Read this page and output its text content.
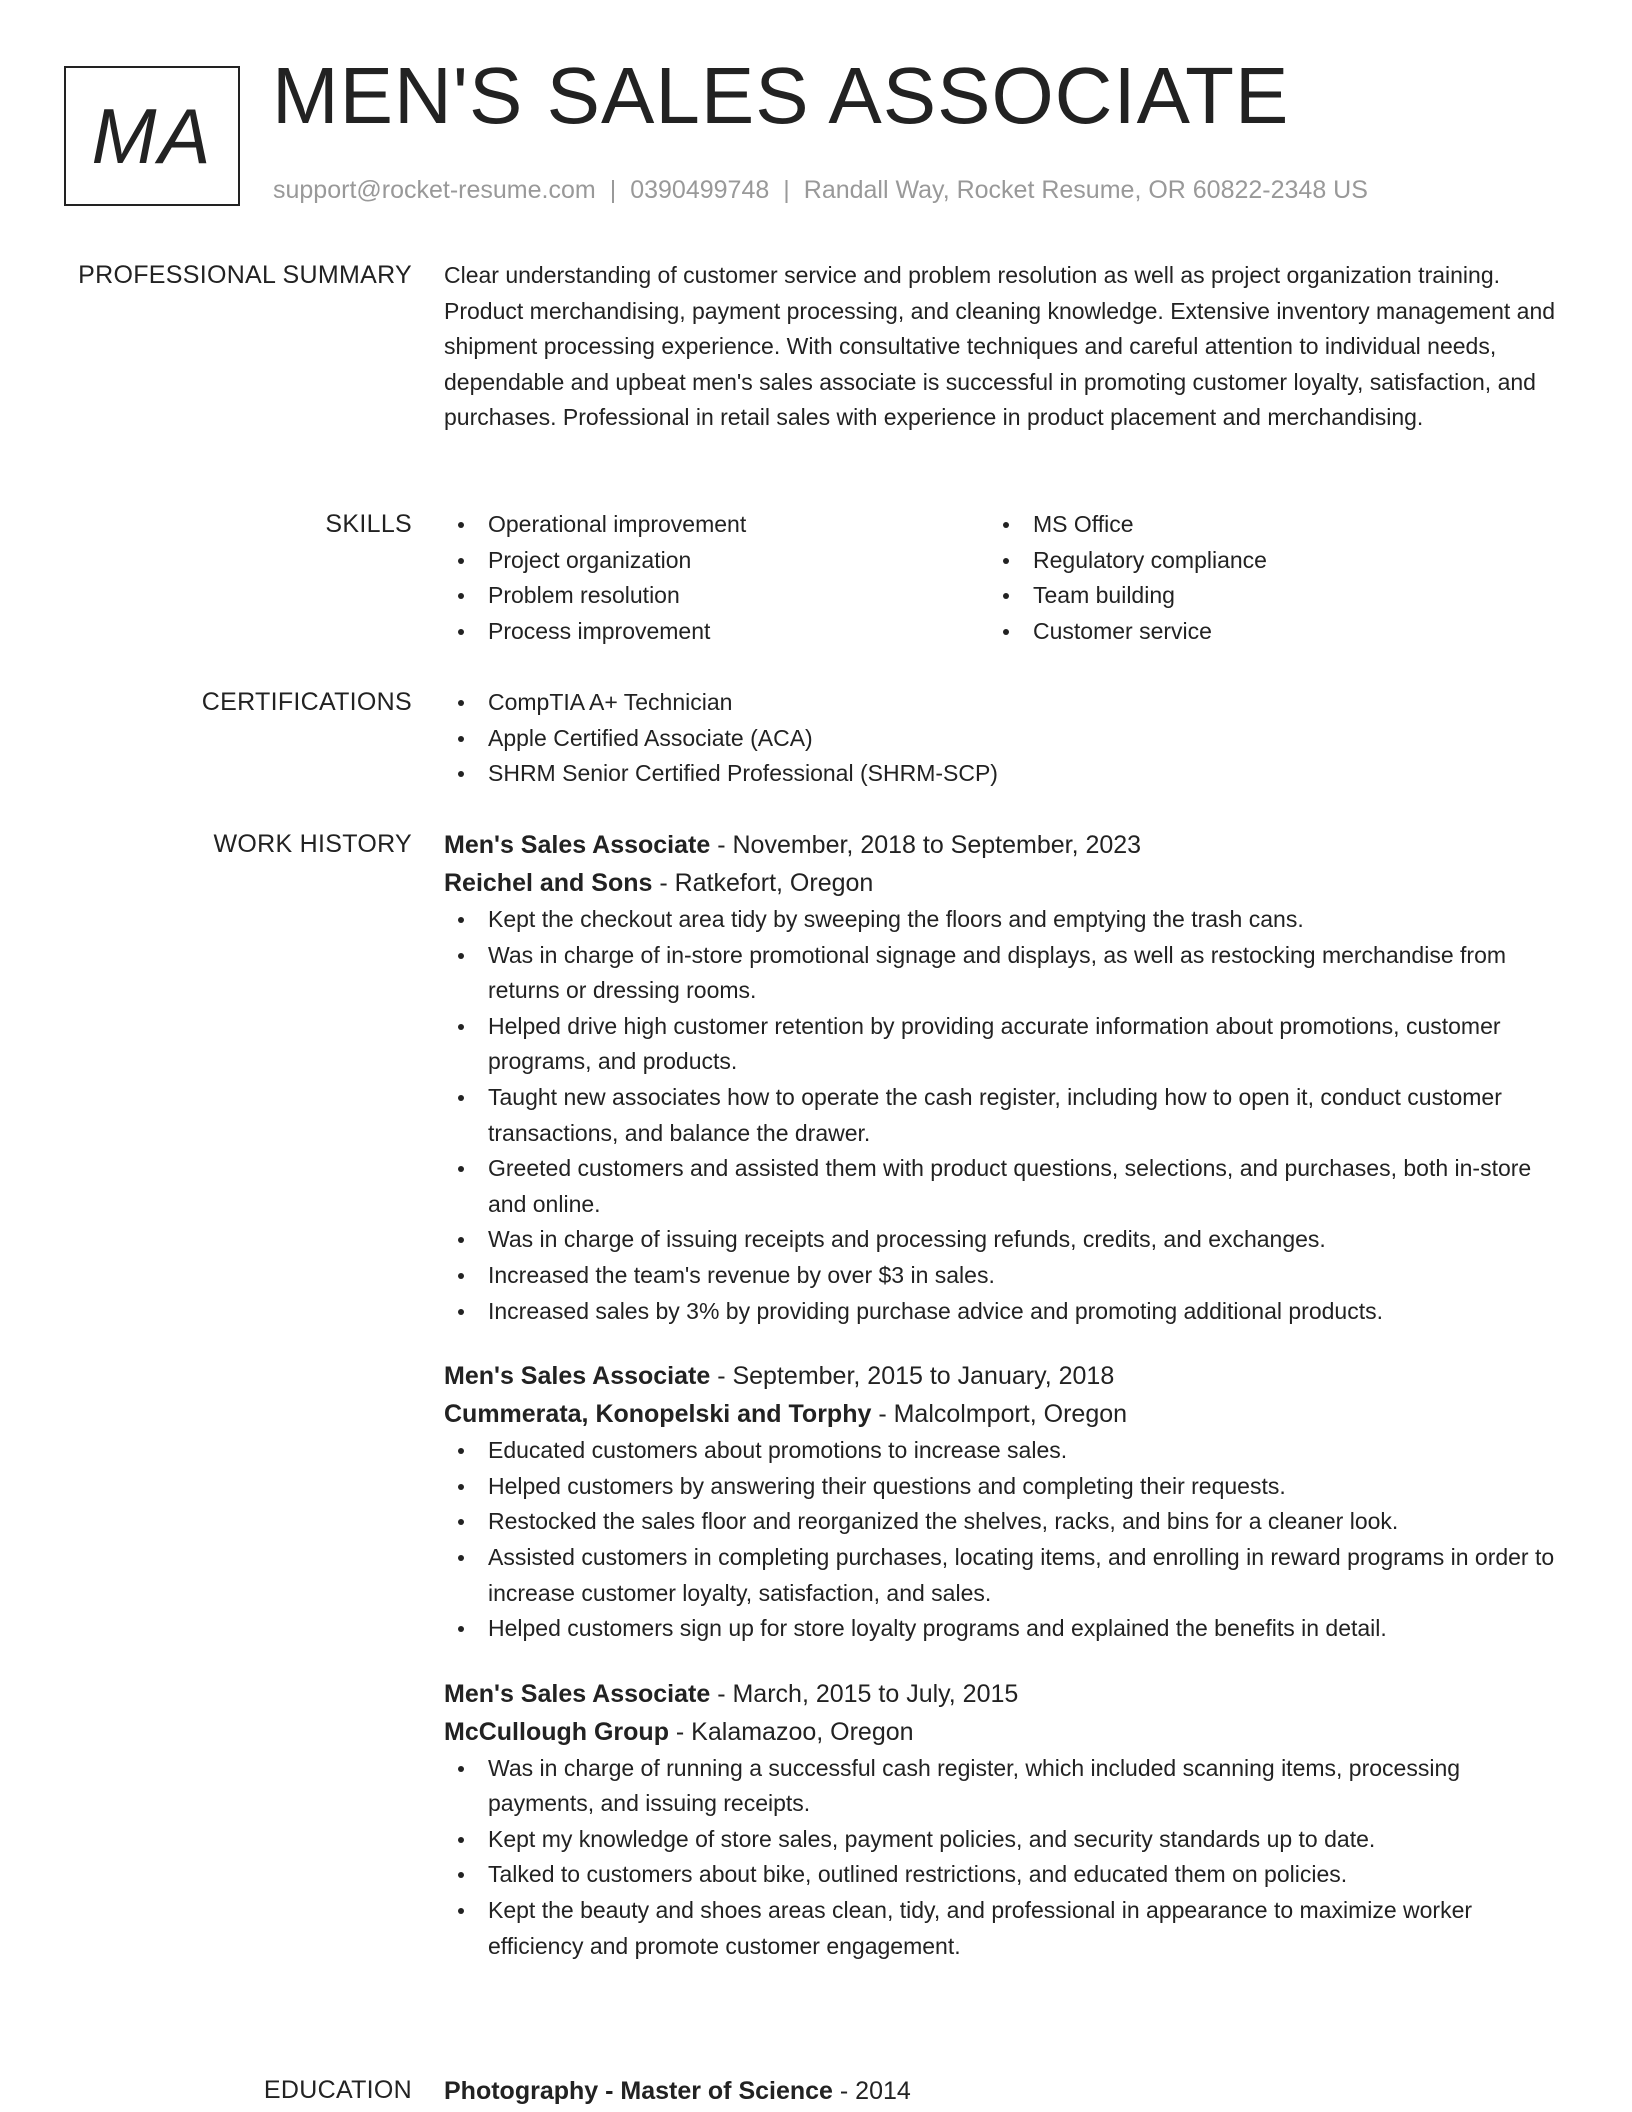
MA MEN'S SALES ASSOCIATE
support@rocket-resume.com | 0390499748 | Randall Way, Rocket Resume, OR 60822-2348 US
PROFESSIONAL SUMMARY Clear understanding of customer service and problem resolution as well as project organization training. Product merchandising, payment processing, and cleaning knowledge. Extensive inventory management and shipment processing experience. With consultative techniques and careful attention to individual needs, dependable and upbeat men's sales associate is successful in promoting customer loyalty, satisfaction, and purchases. Professional in retail sales with experience in product placement and merchandising.

SKILLS	Operational improvement
Project organization
Problem resolution
Process improvement
MS Office
Regulatory compliance
Team building
Customer service
CERTIFICATIONS	CompTIA A+ Technician
Apple Certified Associate (ACA)
SHRM Senior Certified Professional (SHRM-SCP)
WORK HISTORY Men's Sales Associate - November, 2018 to September, 2023
Reichel and Sons - Ratkefort, Oregon
Kept the checkout area tidy by sweeping the floors and emptying the trash cans.
Was in charge of in-store promotional signage and displays, as well as restocking merchandise from returns or dressing rooms.
Helped drive high customer retention by providing accurate information about promotions, customer programs, and products.
Taught new associates how to operate the cash register, including how to open it, conduct customer transactions, and balance the drawer.
Greeted customers and assisted them with product questions, selections, and purchases, both in-store and online.
Was in charge of issuing receipts and processing refunds, credits, and exchanges.
Increased the team's revenue by over $3 in sales.
Increased sales by 3% by providing purchase advice and promoting additional products.
Men's Sales Associate - September, 2015 to January, 2018
Cummerata, Konopelski and Torphy - Malcolmport, Oregon
Educated customers about promotions to increase sales.
Helped customers by answering their questions and completing their requests.
Restocked the sales floor and reorganized the shelves, racks, and bins for a cleaner look.
Assisted customers in completing purchases, locating items, and enrolling in reward programs in order to increase customer loyalty, satisfaction, and sales.
Helped customers sign up for store loyalty programs and explained the benefits in detail.
Men's Sales Associate - March, 2015 to July, 2015
McCullough Group - Kalamazoo, Oregon
Was in charge of running a successful cash register, which included scanning items, processing payments, and issuing receipts.
Kept my knowledge of store sales, payment policies, and security standards up to date.
Talked to customers about bike, outlined restrictions, and educated them on policies.
Kept the beauty and shoes areas clean, tidy, and professional in appearance to maximize worker efficiency and promote customer engagement.
EDUCATION Photography - Master of Science - 2014
